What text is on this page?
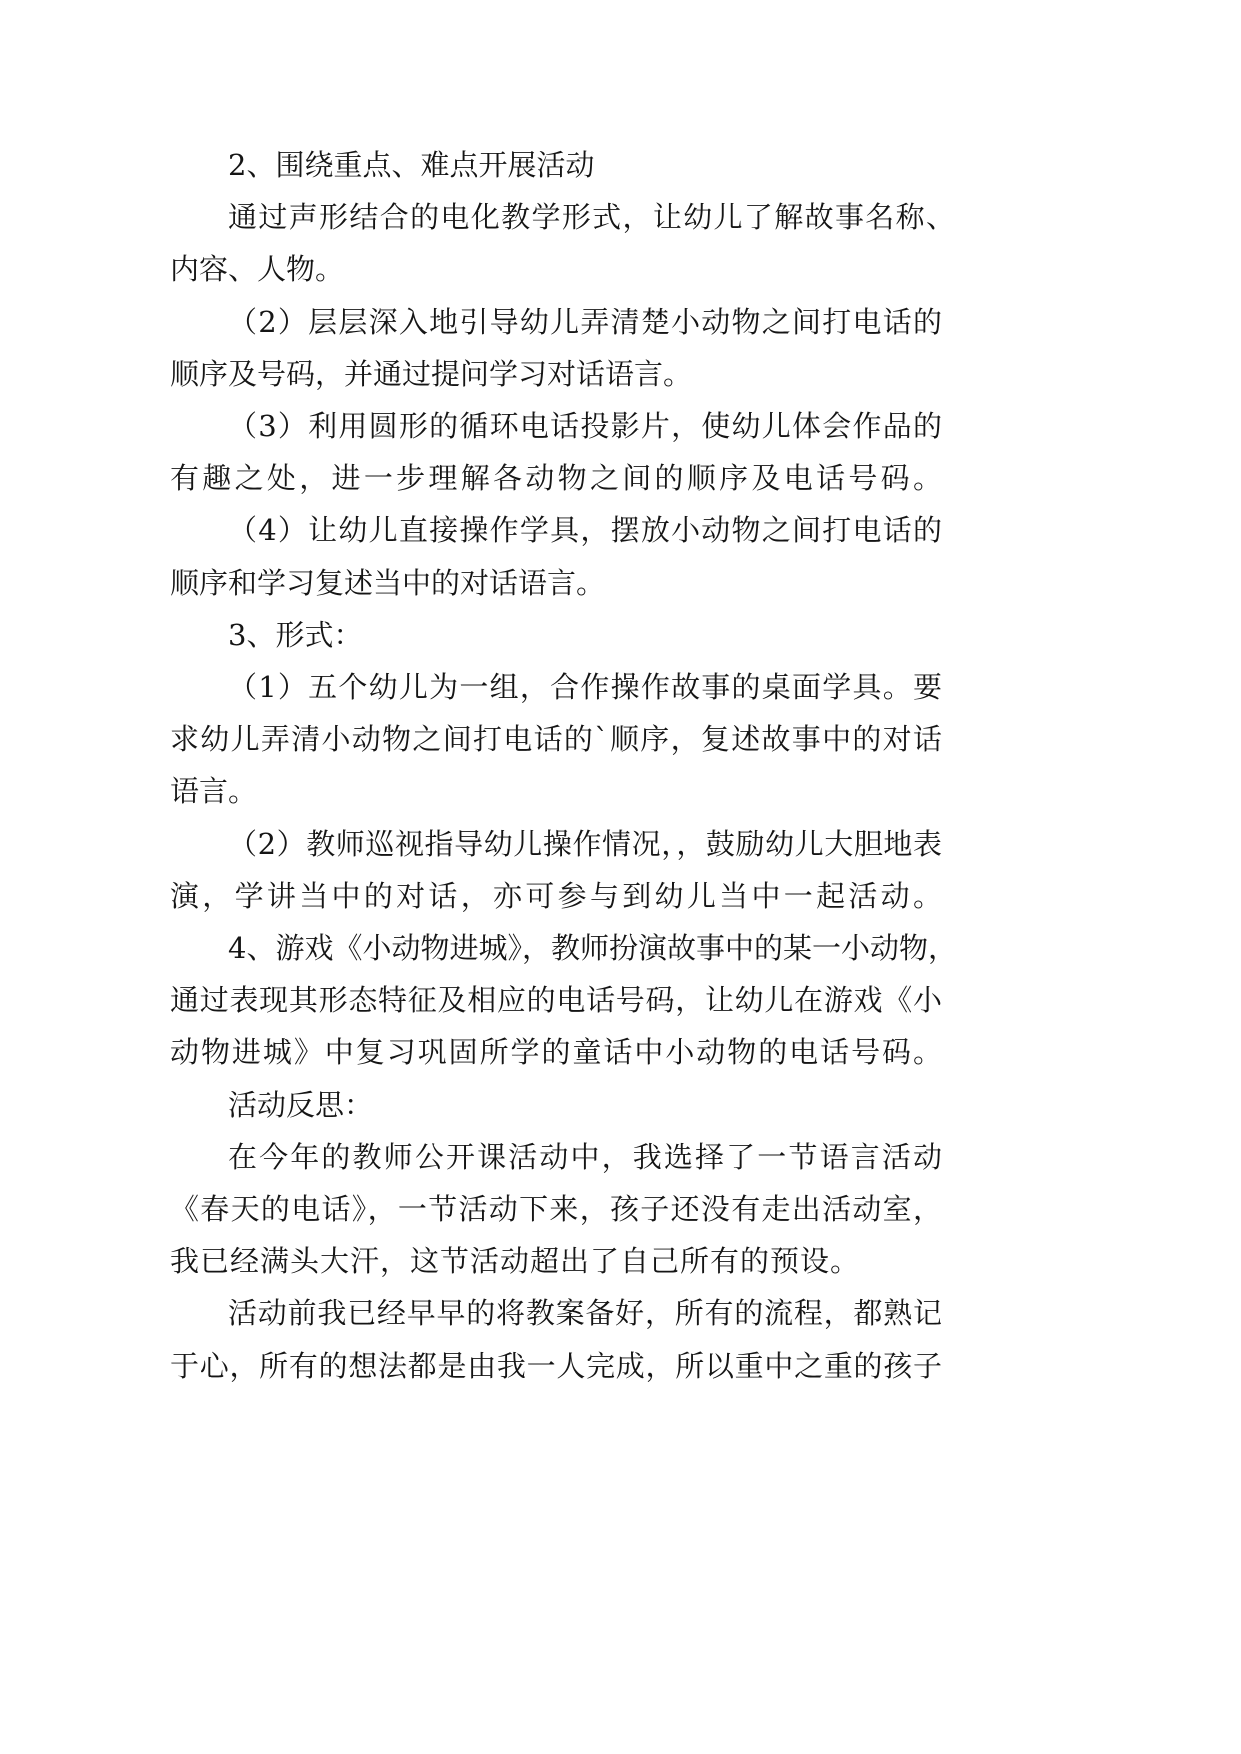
2、围绕重点、难点开展活动
通过声形结合的电化教学形式，让幼儿了解故事名称、
内容、人物。
（2）层层深入地引导幼儿弄清楚小动物之间打电话的
顺序及号码，并通过提问学习对话语言。
（3）利用圆形的循环电话投影片，使幼儿体会作品的
有趣之处，进一步理解各动物之间的顺序及电话号码。
（4）让幼儿直接操作学具，摆放小动物之间打电话的
顺序和学习复述当中的对话语言。
3、形式：
（1）五个幼儿为一组，合作操作故事的桌面学具。要
求幼儿弄清小动物之间打电话的`顺序，复述故事中的对话
语言。
（2）教师巡视指导幼儿操作情况，，鼓励幼儿大胆地表
演，学讲当中的对话，亦可参与到幼儿当中一起活动。
4、游戏《小动物进城》，教师扮演故事中的某一小动物，
通过表现其形态特征及相应的电话号码，让幼儿在游戏《小
动物进城》中复习巩固所学的童话中小动物的电话号码。
活动反思：
在今年的教师公开课活动中，我选择了一节语言活动
《春天的电话》，一节活动下来，孩子还没有走出活动室，
我已经满头大汗，这节活动超出了自己所有的预设。
活动前我已经早早的将教案备好，所有的流程，都熟记
于心，所有的想法都是由我一人完成，所以重中之重的孩子
